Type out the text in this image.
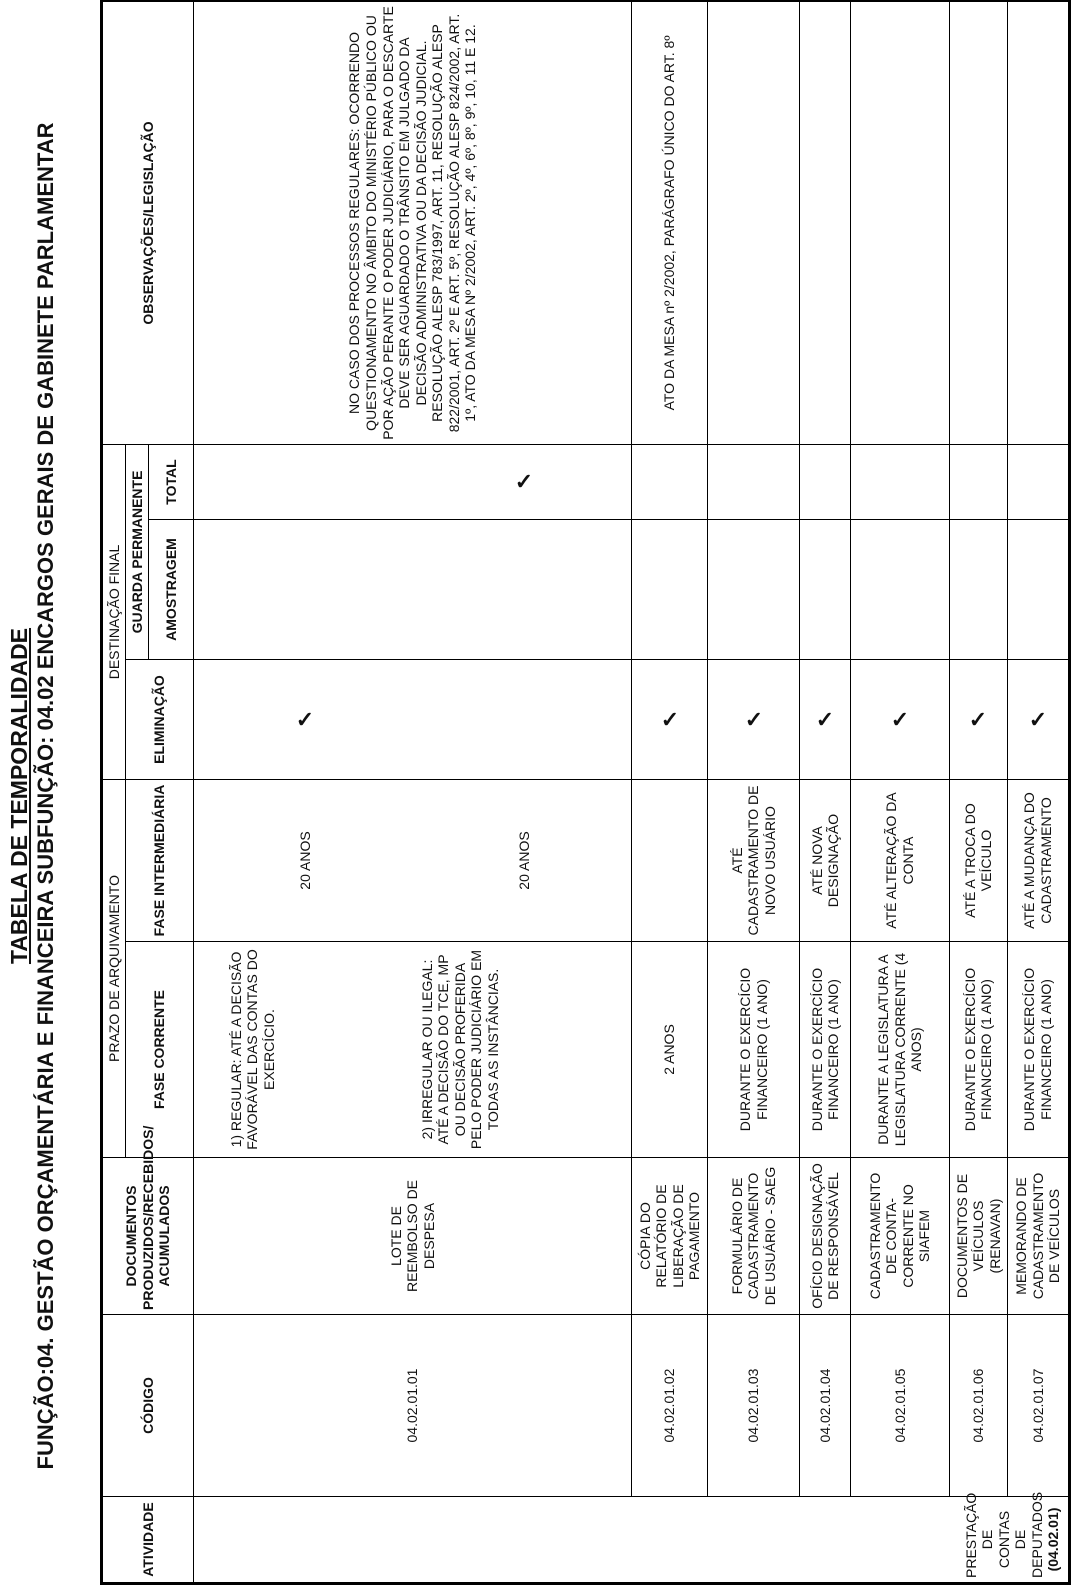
TABELA DE TEMPORALIDADE FUNÇÃO:04. GESTÃO ORÇAMENTÁRIA E FINANCEIRA SUBFUNÇÃO: 04.02 ENCARGOS GERAIS DE GABINETE PARLAMENTAR
ATIVIDADE	CÓDIGO	DOCUMENTOS PRODUZIDOS/RECEBIDOS/ ACUMULADOS	PRAZO DE ARQUIVAMENTO		DESTINAÇÃO FINAL			OBSERVAÇÕES/LEGISLAÇÃO
			FASE CORRENTE	FASE INTERMEDIÁRIA	ELIMINAÇÃO	GUARDA PERMANENTE		
						AMOSTRAGEM	TOTAL	
PRESTAÇÃO DE CONTAS DE DEPUTADOS
(04.02.01)	04.02.01.01	LOTE DE REEMBOLSO DE DESPESA	1) REGULAR: ATÉ A DECISÃO FAVORÁVEL DAS CONTAS DO EXERCÍCIO.	20 ANOS	✓			NO CASO DOS PROCESSOS REGULARES: OCORRENDO QUESTIONAMENTO NO ÂMBITO DO MINISTÉRIO PÚBLICO OU POR AÇÃO PERANTE O PODER JUDICIÁRIO, PARA O DESCARTE DEVE SER AGUARDADO O TRÂNSITO EM JULGADO DA DECISÃO ADMINISTRATIVA OU DA DECISÃO JUDICIAL.
RESOLUÇÃO ALESP 783/1997, ART. 11, RESOLUÇÃO ALESP 822/2001, ART. 2º E ART. 5º, RESOLUÇÃO ALESP 824/2002, ART. 1º, ATO DA MESA Nº 2/2002, ART. 2º, 4º, 6º, 8º, 9º, 10, 11 E 12.
			2) IRREGULAR OU ILEGAL: ATÉ A DECISÃO DO TCE, MP OU DECISÃO PROFERIDA PELO PODER JUDICIÁRIO EM TODAS AS INSTÂNCIAS.	20 ANOS			✓	
	04.02.01.02	CÓPIA DO RELATÓRIO DE LIBERAÇÃO DE PAGAMENTO	2 ANOS		✓			ATO DA MESA nº 2/2002, PARÁGRAFO ÚNICO DO ART. 8º
	04.02.01.03	FORMULÁRIO DE CADASTRAMENTO DE USUÁRIO - SAEG	DURANTE O EXERCÍCIO FINANCEIRO (1 ANO)	ATÉ CADASTRAMENTO DE NOVO USUÁRIO	✓			
	04.02.01.04	OFÍCIO DESIGNAÇÃO DE RESPONSÁVEL	DURANTE O EXERCÍCIO FINANCEIRO (1 ANO)	ATÉ NOVA DESIGNAÇÃO	✓			
	04.02.01.05	CADASTRAMENTO DE CONTA-CORRENTE NO SIAFEM	DURANTE A LEGISLATURA A LEGISLATURA CORRENTE (4 ANOS)	ATÉ ALTERAÇÃO DA CONTA	✓			
	04.02.01.06	DOCUMENTOS DE VEÍCULOS (RENAVAN)	DURANTE O EXERCÍCIO FINANCEIRO (1 ANO)	ATÉ A TROCA DO VEÍCULO	✓			
	04.02.01.07	MEMORANDO DE CADASTRAMENTO DE VEÍCULOS	DURANTE O EXERCÍCIO FINANCEIRO (1 ANO)	ATÉ A MUDANÇA DO CADASTRAMENTO	✓			
